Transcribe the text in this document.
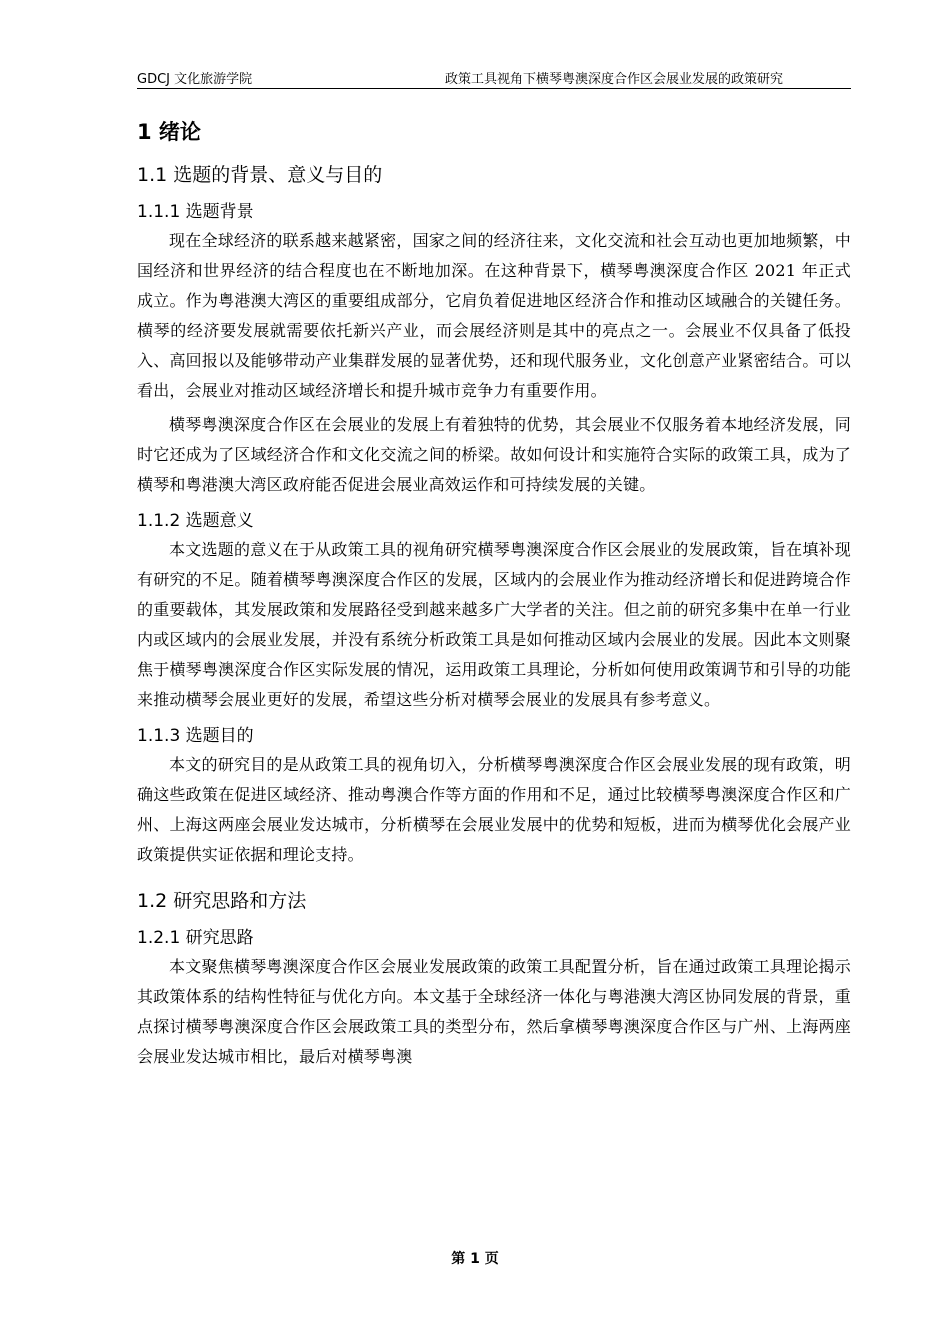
GDCJ 文化旅游学院	政策工具视角下横琴粤澳深度合作区会展业发展的政策研究
1 绪论
1.1 选题的背景、意义与目的
1.1.1 选题背景

现在全球经济的联系越来越紧密，国家之间的经济往来，文化交流和社会互动也更加地频繁，中国经济和世界经济的结合程度也在不断地加深。在这种背景下，横琴粤澳深度合作区 2021 年正式成立。作为粤港澳大湾区的重要组成部分，它肩负着促进地区经济合作和推动区域融合的关键任务。横琴的经济要发展就需要依托新兴产业，而会展经济则是其中的亮点之一。会展业不仅具备了低投入、高回报以及能够带动产业集群发展的显著优势，还和现代服务业，文化创意产业紧密结合。可以看出，会展业对推动区域经济增长和提升城市竞争力有重要作用。

横琴粤澳深度合作区在会展业的发展上有着独特的优势，其会展业不仅服务着本地经济发展，同时它还成为了区域经济合作和文化交流之间的桥梁。故如何设计和实施符合实际的政策工具，成为了横琴和粤港澳大湾区政府能否促进会展业高效运作和可持续发展的关键。

1.1.2 选题意义

本文选题的意义在于从政策工具的视角研究横琴粤澳深度合作区会展业的发展政策，旨在填补现有研究的不足。随着横琴粤澳深度合作区的发展，区域内的会展业作为推动经济增长和促进跨境合作的重要载体，其发展政策和发展路径受到越来越多广大学者的关注。但之前的研究多集中在单一行业内或区域内的会展业发展，并没有系统分析政策工具是如何推动区域内会展业的发展。因此本文则聚焦于横琴粤澳深度合作区实际发展的情况，运用政策工具理论，分析如何使用政策调节和引导的功能来推动横琴会展业更好的发展，希望这些分析对横琴会展业的发展具有参考意义。

1.1.3 选题目的

本文的研究目的是从政策工具的视角切入，分析横琴粤澳深度合作区会展业发展的现有政策，明确这些政策在促进区域经济、推动粤澳合作等方面的作用和不足，通过比较横琴粤澳深度合作区和广州、上海这两座会展业发达城市，分析横琴在会展业发展中的优势和短板，进而为横琴优化会展产业政策提供实证依据和理论支持。

1.2 研究思路和方法
1.2.1 研究思路

本文聚焦横琴粤澳深度合作区会展业发展政策的政策工具配置分析，旨在通过政策工具理论揭示其政策体系的结构性特征与优化方向。本文基于全球经济一体化与粤港澳大湾区协同发展的背景，重点探讨横琴粤澳深度合作区会展政策工具的类型分布，然后拿横琴粤澳深度合作区与广州、上海两座会展业发达城市相比，最后对横琴粤澳

第 1 页
